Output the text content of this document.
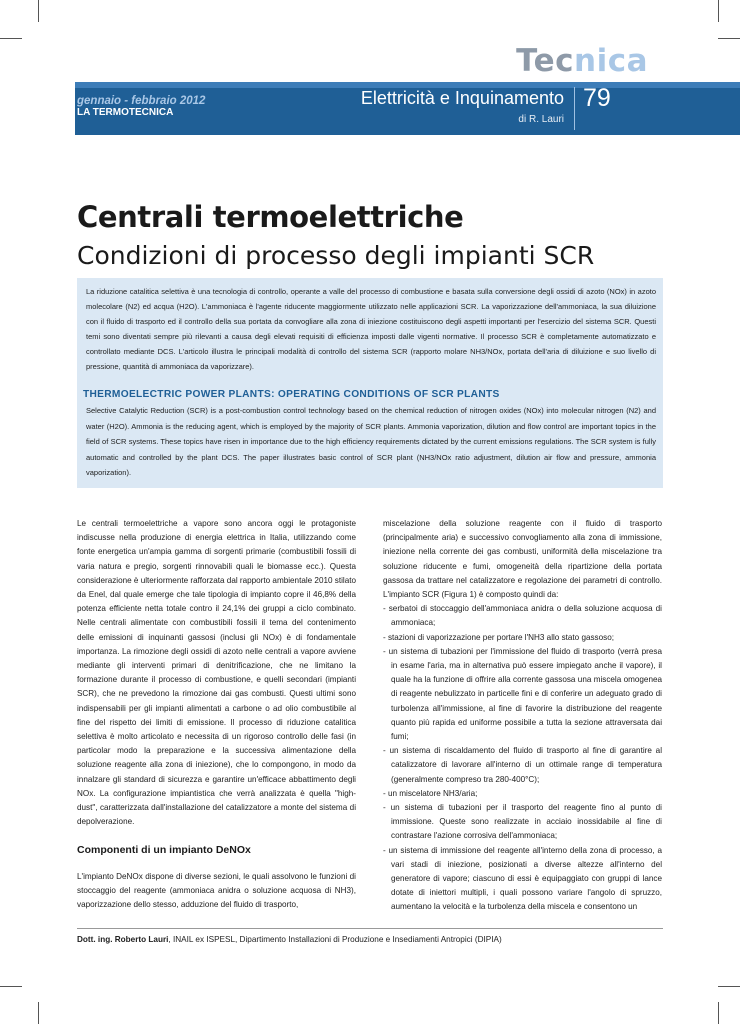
Tecnica
gennaio - febbraio 2012
LA TERMOTECNICA
Elettricità e Inquinamento
di R. Lauri
79
Centrali termoelettriche
Condizioni di processo degli impianti SCR

La riduzione catalitica selettiva è una tecnologia di controllo, operante a valle del processo di combustione e basata sulla conversione degli ossidi di azoto (NOx) in azoto molecolare (N2) ed acqua (H2O). L'ammoniaca è l'agente riducente maggiormente utilizzato nelle applicazioni SCR. La vaporizzazione dell'ammoniaca, la sua diluizione con il fluido di trasporto ed il controllo della sua portata da convogliare alla zona di iniezione costituiscono degli aspetti importanti per l'esercizio del sistema SCR. Questi temi sono diventati sempre più rilevanti a causa degli elevati requisiti di efficienza imposti dalle vigenti normative. Il processo SCR è completamente automatizzato e controllato mediante DCS. L'articolo illustra le principali modalità di controllo del sistema SCR (rapporto molare NH3/NOx, portata dell'aria di diluizione e suo livello di pressione, quantità di ammoniaca da vaporizzare).

THERMOELECTRIC POWER PLANTS: OPERATING CONDITIONS OF SCR PLANTS

Selective Catalytic Reduction (SCR) is a post-combustion control technology based on the chemical reduction of nitrogen oxides (NOx) into molecular nitrogen (N2) and water (H2O). Ammonia is the reducing agent, which is employed by the majority of SCR plants. Ammonia vaporization, dilution and flow control are important topics in the field of SCR systems. These topics have risen in importance due to the high efficiency requirements dictated by the current emissions regulations. The SCR system is fully automatic and controlled by the plant DCS. The paper illustrates basic control of SCR plant (NH3/NOx ratio adjustment, dilution air flow and pressure, ammonia vaporization).

Le centrali termoelettriche a vapore sono ancora oggi le protagoniste indiscusse nella produzione di energia elettrica in Italia, utilizzando come fonte energetica un'ampia gamma di sorgenti primarie (combustibili fossili di varia natura e pregio, sorgenti rinnovabili quali le biomasse ecc.). Questa considerazione è ulteriormente rafforzata dal rapporto ambientale 2010 stilato da Enel, dal quale emerge che tale tipologia di impianto copre il 46,8% della potenza efficiente netta totale contro il 24,1% dei gruppi a ciclo combinato. Nelle centrali alimentate con combustibili fossili il tema del contenimento delle emissioni di inquinanti gassosi (inclusi gli NOx) è di fondamentale importanza. La rimozione degli ossidi di azoto nelle centrali a vapore avviene mediante gli interventi primari di denitrificazione, che ne limitano la formazione durante il processo di combustione, e quelli secondari (impianti SCR), che ne prevedono la rimozione dai gas combusti. Questi ultimi sono indispensabili per gli impianti alimentati a carbone o ad olio combustibile al fine del rispetto dei limiti di emissione. Il processo di riduzione catalitica selettiva è molto articolato e necessita di un rigoroso controllo delle fasi (in particolar modo la preparazione e la successiva alimentazione della soluzione reagente alla zona di iniezione), che lo compongono, in modo da innalzare gli standard di sicurezza e garantire un'efficace abbattimento degli NOx. La configurazione impiantistica che verrà analizzata è quella "high-dust", caratterizzata dall'installazione del catalizzatore a monte del sistema di depolverazione.

Componenti di un impianto DeNOx

L'impianto DeNOx dispone di diverse sezioni, le quali assolvono le funzioni di stoccaggio del reagente (ammoniaca anidra o soluzione acquosa di NH3), vaporizzazione dello stesso, adduzione del fluido di trasporto,

miscelazione della soluzione reagente con il fluido di trasporto (principalmente aria) e successivo convogliamento alla zona di immissione, iniezione nella corrente dei gas combusti, uniformità della miscelazione tra soluzione riducente e fumi, omogeneità della ripartizione della portata gassosa da trattare nel catalizzatore e regolazione dei parametri di controllo. L'impianto SCR (Figura 1) è composto quindi da:

- serbatoi di stoccaggio dell'ammoniaca anidra o della soluzione acquosa di ammoniaca;
- stazioni di vaporizzazione per portare l'NH3 allo stato gassoso;
- un sistema di tubazioni per l'immissione del fluido di trasporto (verrà presa in esame l'aria, ma in alternativa può essere impiegato anche il vapore), il quale ha la funzione di offrire alla corrente gassosa una miscela omogenea di reagente nebulizzato in particelle fini e di conferire un adeguato grado di turbolenza all'immissione, al fine di favorire la distribuzione del reagente quanto più rapida ed uniforme possibile a tutta la sezione attraversata dai fumi;
- un sistema di riscaldamento del fluido di trasporto al fine di garantire al catalizzatore di lavorare all'interno di un ottimale range di temperatura (generalmente compreso tra 280-400°C);
- un miscelatore NH3/aria;
- un sistema di tubazioni per il trasporto del reagente fino al punto di immissione. Queste sono realizzate in acciaio inossidabile al fine di contrastare l'azione corrosiva dell'ammoniaca;
- un sistema di immissione del reagente all'interno della zona di processo, a vari stadi di iniezione, posizionati a diverse altezze all'interno del generatore di vapore; ciascuno di essi è equipaggiato con gruppi di lance dotate di iniettori multipli, i quali possono variare l'angolo di spruzzo, aumentano la velocità e la turbolenza della miscela e consentono un
Dott. ing. Roberto Lauri, INAIL ex ISPESL, Dipartimento Installazioni di Produzione e Insediamenti Antropici (DIPIA)
